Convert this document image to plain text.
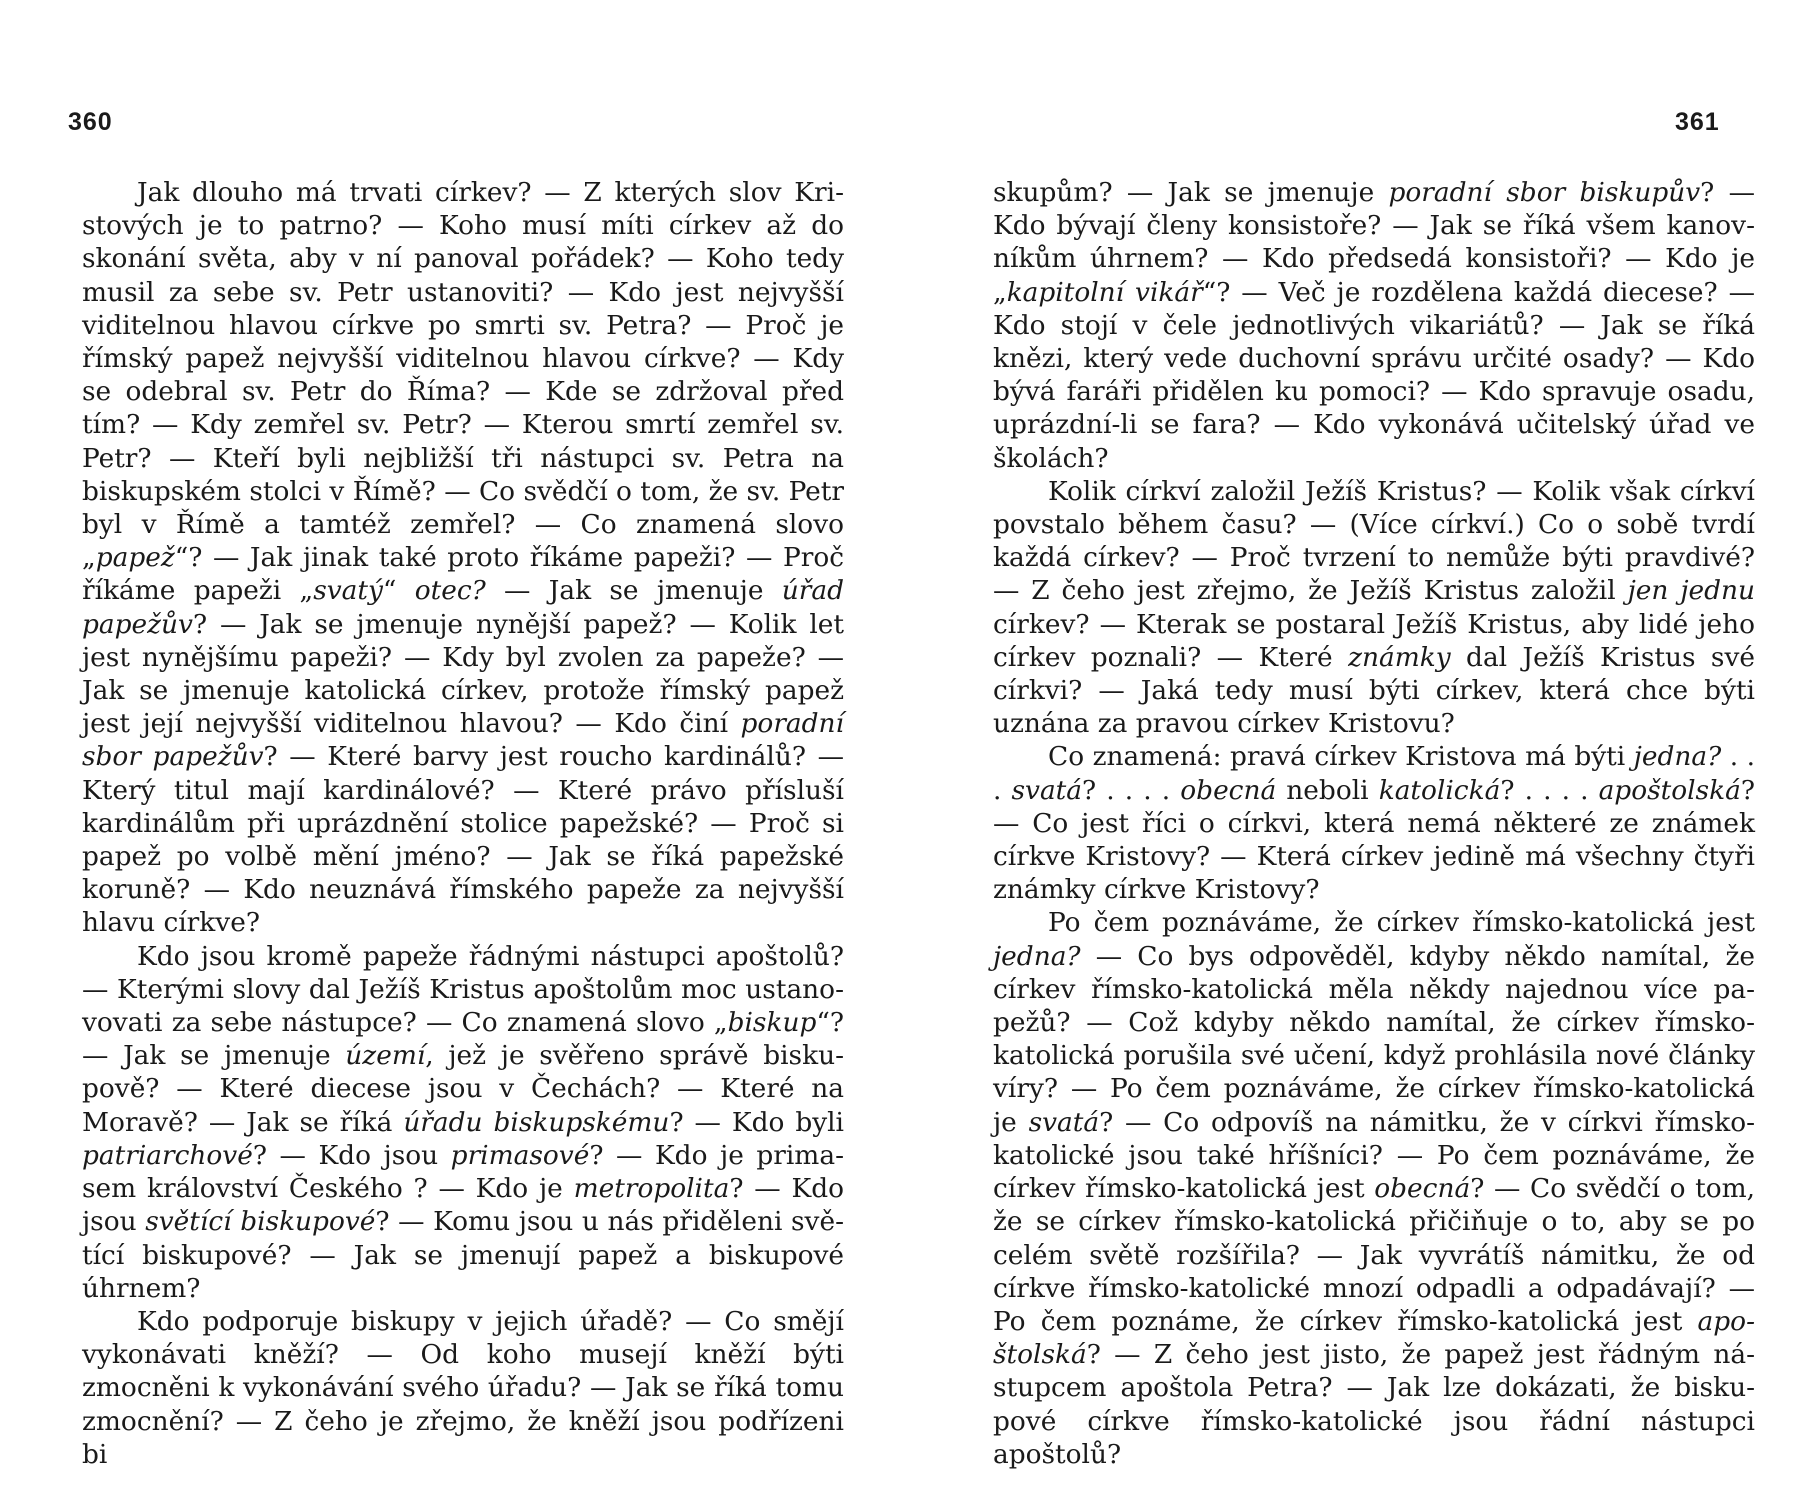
360	361

Jak dlouho má trvati církev? — Z kterých slov Kristových je to patrno? — Koho musí míti církev až do skonání světa, aby v ní panoval pořádek? — Koho tedy musil za sebe sv. Petr ustanoviti? — Kdo jest nejvyšší viditelnou hlavou církve po smrti sv. Petra? — Proč je římský papež nejvyšší viditelnou hlavou církve? — Kdy se odebral sv. Petr do Říma? — Kde se zdržoval před tím? — Kdy zemřel sv. Petr? — Kterou smrtí zemřel sv. Petr? — Kteří byli nejbližší tři nástupci sv. Petra na biskupském stolci v Římě? — Co svědčí o tom, že sv. Petr byl v Římě a tamtéž zemřel? — Co znamená slovo „papež“? — Jak jinak také proto říkáme papeži? — Proč říkáme papeži „svatý“ otec? — Jak se jmenuje úřad papežův? — Jak se jmenuje nynější papež? — Kolik let jest nynějšímu papeži? — Kdy byl zvolen za papeže? — Jak se jmenuje katolická církev, protože římský papež jest její nejvyšší viditelnou hlavou? — Kdo činí poradní sbor papežův? — Které barvy jest roucho kardinálů? — Který titul mají kardinálové? — Které právo přísluší kardinálům při uprázdnění stolice papežské? — Proč si papež po volbě mění jméno? — Jak se říká papežské koruně? — Kdo neuznává římského papeže za nejvyšší hlavu církve?

Kdo jsou kromě papeže řádnými nástupci apoštolů? — Kterými slovy dal Ježíš Kristus apoštolům moc ustanovovati za sebe nástupce? — Co znamená slovo „biskup“? — Jak se jmenuje území, jež je svěřeno správě biskupově? — Které diecese jsou v Čechách? — Které na Moravě? — Jak se říká úřadu biskupskému? — Kdo byli patriarchové? — Kdo jsou primasové? — Kdo je primasem království Českého ? — Kdo je metropolita? — Kdo jsou světící biskupové? — Komu jsou u nás přiděleni světící biskupové? — Jak se jmenují papež a biskupové úhrnem?

Kdo podporuje biskupy v jejich úřadě? — Co smějí vykonávati kněží? — Od koho musejí kněží býti zmocněni k vykonávání svého úřadu? — Jak se říká tomu zmocnění? — Z čeho je zřejmo, že kněží jsou podřízeni bi

skupům? — Jak se jmenuje poradní sbor biskupův? — Kdo bývají členy konsistoře? — Jak se říká všem kanovníkům úhrnem? — Kdo předsedá konsistoři? — Kdo je „kapitolní vikář“? — Več je rozdělena každá diecese? — Kdo stojí v čele jednotlivých vikariátů? — Jak se říká knězi, který vede duchovní správu určité osady? — Kdo bývá faráři přidělen ku pomoci? — Kdo spravuje osadu, uprázdní-li se fara? — Kdo vykonává učitelský úřad ve školách?

Kolik církví založil Ježíš Kristus? — Kolik však církví povstalo během času? — (Více církví.) Co o sobě tvrdí každá církev? — Proč tvrzení to nemůže býti pravdivé? — Z čeho jest zřejmo, že Ježíš Kristus založil jen jednu církev? — Kterak se postaral Ježíš Kristus, aby lidé jeho církev poznali? — Které známky dal Ježíš Kristus své církvi? — Jaká tedy musí býti církev, která chce býti uznána za pravou církev Kristovu?

Co znamená: pravá církev Kristova má býti jedna? . . . svatá? . . . . obecná neboli katolická? . . . . apoštolská? — Co jest říci o církvi, která nemá některé ze známek církve Kristovy? — Která církev jedině má všechny čtyři známky církve Kristovy?

Po čem poznáváme, že církev římsko-katolická jest jedna? — Co bys odpověděl, kdyby někdo namítal, že církev římsko-katolická měla někdy najednou více papežů? — Což kdyby někdo namítal, že církev římsko-katolická porušila své učení, když prohlásila nové články víry? — Po čem poznáváme, že církev římsko-katolická je svatá? — Co odpovíš na námitku, že v církvi římsko-katolické jsou také hříšníci? — Po čem poznáváme, že církev římsko-katolická jest obecná? — Co svědčí o tom, že se církev římsko-katolická přičiňuje o to, aby se po celém světě rozšířila? — Jak vyvrátíš námitku, že od církve římsko-katolické mnozí odpadli a odpadávají? — Po čem poznáme, že církev římsko-katolická jest apoštolská? — Z čeho jest jisto, že papež jest řádným nástupcem apoštola Petra? — Jak lze dokázati, že biskupové církve římsko-katolické jsou řádní nástupci apoštolů?
